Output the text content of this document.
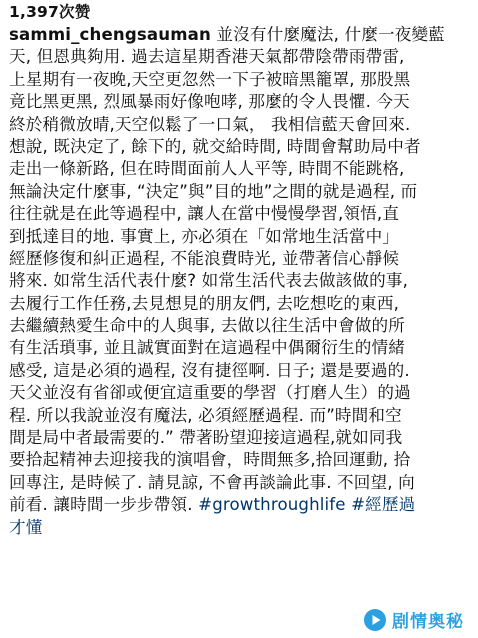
1,397次赞
sammi_chengsauman 並沒有什麼魔法, 什麼一夜變藍
天, 但恩典夠用. 過去這星期香港天氣都帶陰帶雨帶雷,
上星期有一夜晚,天空更忽然一下子被暗黑籠罩, 那股黑
竟比黑更黑, 烈風暴雨好像咆哮, 那麼的令人畏懼. 今天
終於稍微放晴,天空似鬆了一口氣， 我相信藍天會回來.
想說, 既決定了, 餘下的, 就交給時間, 時間會幫助局中者
走出一條新路, 但在時間面前人人平等, 時間不能跳格,
無論決定什麼事, “決定”與”目的地”之間的就是過程, 而
往往就是在此等過程中, 讓人在當中慢慢學習,領悟,直
到抵達目的地. 事實上, 亦必須在「如常地生活當中」
經歷修復和糾正過程, 不能浪費時光, 並帶著信心靜候
將來. 如常生活代表什麼? 如常生活代表去做該做的事,
去履行工作任務,去見想見的朋友們, 去吃想吃的東西,
去繼續熱愛生命中的人與事, 去做以往生活中會做的所
有生活瑣事, 並且誠實面對在這過程中偶爾衍生的情緒
感受, 這是必須的過程, 沒有捷徑啊. 日子; 還是要過的.
天父並沒有省卻或便宜這重要的學習（打磨人生）的過
程. 所以我說並沒有魔法, 必須經歷過程. 而”時間和空
間是局中者最需要的.” 帶著盼望迎接這過程,就如同我
要拾起精神去迎接我的演唱會，時間無多,拾回運動, 拾
回專注, 是時候了. 請見諒, 不會再談論此事. 不回望, 向
前看. 讓時間一步步帶領. #growthroughlife #經歷過
才懂
剧情奥秘
